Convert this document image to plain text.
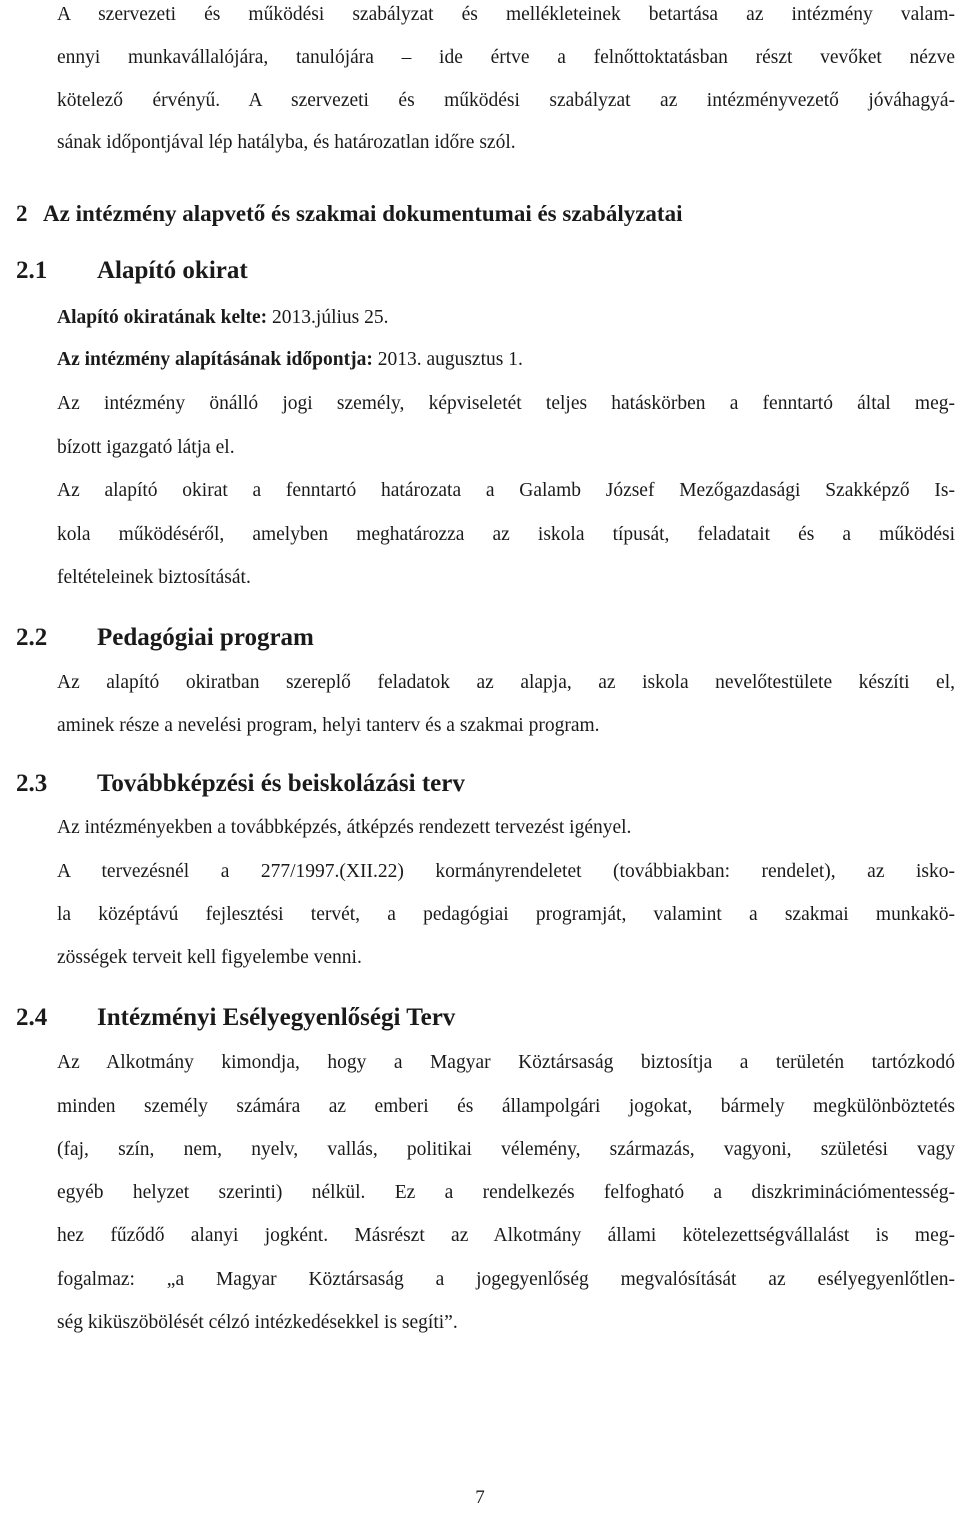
A szervezeti és működési szabályzat és mellékleteinek betartása az intézmény valam-

ennyi munkavállalójára, tanulójára – ide értve a felnőttoktatásban részt vevőket nézve

kötelező érvényű. A szervezeti és működési szabályzat az intézményvezető jóváhagyá-

sának időpontjával lép hatályba, és határozatlan időre szól.

2 Az intézmény alapvető és szakmai dokumentumai és szabályzatai
2.1 Alapító okirat

Alapító okiratának kelte: 2013.július 25.

Az intézmény alapításának időpontja: 2013. augusztus 1.

Az intézmény önálló jogi személy, képviseletét teljes hatáskörben a fenntartó által meg-

bízott igazgató látja el.

Az alapító okirat a fenntartó határozata a Galamb József Mezőgazdasági Szakképző Is-

kola működéséről, amelyben meghatározza az iskola típusát, feladatait és a működési

feltételeinek biztosítását.

2.2 Pedagógiai program

Az alapító okiratban szereplő feladatok az alapja, az iskola nevelőtestülete készíti el,

aminek része a nevelési program, helyi tanterv és a szakmai program.

2.3 Továbbképzési és beiskolázási terv

Az intézményekben a továbbképzés, átképzés rendezett tervezést igényel.

A tervezésnél a 277/1997.(XII.22) kormányrendeletet (továbbiakban: rendelet), az isko-

la középtávú fejlesztési tervét, a pedagógiai programját, valamint a szakmai munkakö-

zösségek terveit kell figyelembe venni.

2.4 Intézményi Esélyegyenlőségi Terv

Az Alkotmány kimondja, hogy a Magyar Köztársaság biztosítja a területén tartózkodó

minden személy számára az emberi és állampolgári jogokat, bármely megkülönböztetés

(faj, szín, nem, nyelv, vallás, politikai vélemény, származás, vagyoni, születési vagy

egyéb helyzet szerinti) nélkül. Ez a rendelkezés felfogható a diszkriminációmentesség-

hez fűződő alanyi jogként. Másrészt az Alkotmány állami kötelezettségvállalást is meg-

fogalmaz: „a Magyar Köztársaság a jogegyenlőség megvalósítását az esélyegyenlőtlen-

ség kiküszöbölését célzó intézkedésekkel is segíti”.

7
